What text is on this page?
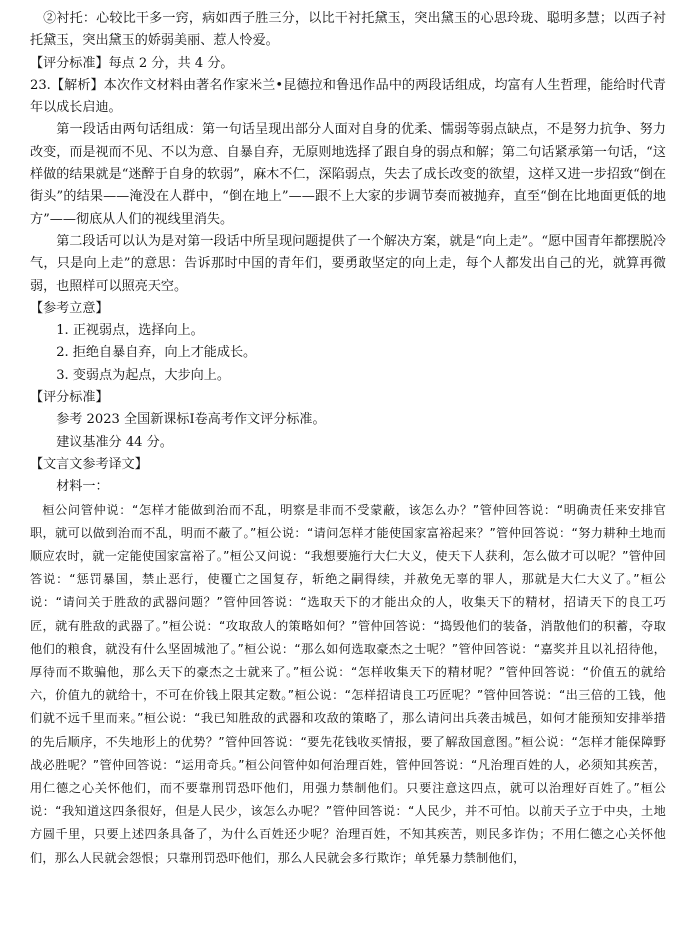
②衬托：心较比干多一窍，病如西子胜三分，以比干衬托黛玉，突出黛玉的心思玲珑、聪明多慧；以西子衬托黛玉，突出黛玉的娇弱美丽、惹人怜爱。

【评分标准】每点 2 分，共 4 分。

23.【解析】本次作文材料由著名作家米兰•昆德拉和鲁迅作品中的两段话组成，均富有人生哲理，能给时代青年以成长启迪。

第一段话由两句话组成：第一句话呈现出部分人面对自身的优柔、懦弱等弱点缺点，不是努力抗争、努力改变，而是视而不见、不以为意、自暴自弃，无原则地选择了跟自身的弱点和解；第二句话紧承第一句话，“这样做的结果就是“迷醉于自身的软弱”，麻木不仁，深陷弱点，失去了成长改变的欲望，这样又进一步招致“倒在街头”的结果——淹没在人群中，“倒在地上”——跟不上大家的步调节奏而被抛弃，直至“倒在比地面更低的地方”——彻底从人们的视线里消失。

第二段话可以认为是对第一段话中所呈现问题提供了一个解决方案，就是“向上走”。“愿中国青年都摆脱冷气，只是向上走”的意思：告诉那时中国的青年们，要勇敢坚定的向上走，每个人都发出自己的光，就算再微弱，也照样可以照亮天空。

【参考立意】

1. 正视弱点，选择向上。

2. 拒绝自暴自弃，向上才能成长。

3. 变弱点为起点，大步向上。

【评分标准】

参考 2023 全国新课标Ⅰ卷高考作文评分标准。

建议基准分 44 分。

【文言文参考译文】

材料一：

桓公问管仲说：“怎样才能做到治而不乱，明察是非而不受蒙蔽，该怎么办？”管仲回答说：“明确责任来安排官职，就可以做到治而不乱，明而不蔽了。”桓公说：“请问怎样才能使国家富裕起来？”管仲回答说：“努力耕种土地而顺应农时，就一定能使国家富裕了。”桓公又问说：“我想要施行大仁大义，使天下人获利，怎么做才可以呢？”管仲回答说：“惩罚暴国，禁止恶行，使覆亡之国复存，斩绝之嗣得续，并赦免无辜的罪人，那就是大仁大义了。”桓公说：“请问关于胜敌的武器问题？”管仲回答说：“选取天下的才能出众的人，收集天下的精材，招请天下的良工巧匠，就有胜敌的武器了。”桓公说：“攻取敌人的策略如何？”管仲回答说：“捣毁他们的装备，消散他们的积蓄，夺取他们的粮食，就没有什么坚固城池了。”桓公说：“那么如何选取豪杰之士呢？”管仲回答说：“嘉奖并且以礼招待他，厚待而不欺骗他，那么天下的豪杰之士就来了。”桓公说：“怎样收集天下的精材呢？”管仲回答说：“价值五的就给六，价值九的就给十，不可在价钱上限其定数。”桓公说：“怎样招请良工巧匠呢？”管仲回答说：“出三倍的工钱，他们就不远千里而来。”桓公说：“我已知胜敌的武器和攻敌的策略了，那么请问出兵袭击城邑，如何才能预知安排举措的先后顺序，不失地形上的优势？”管仲回答说：“要先花钱收买情报，要了解敌国意图。”桓公说：“怎样才能保障野战必胜呢？”管仲回答说：“运用奇兵。”桓公问管仲如何治理百姓，管仲回答说：“凡治理百姓的人，必须知其疾苦，用仁德之心关怀他们，而不要靠刑罚恐吓他们，用强力禁制他们。只要注意这四点，就可以治理好百姓了。”桓公说：“我知道这四条很好，但是人民少，该怎么办呢？”管仲回答说：“人民少，并不可怕。以前天子立于中央，土地方圆千里，只要上述四条具备了，为什么百姓还少呢？治理百姓，不知其疾苦，则民多诈伪；不用仁德之心关怀他们，那么人民就会怨恨；只靠刑罚恐吓他们，那么人民就会多行欺诈；单凭暴力禁制他们，
